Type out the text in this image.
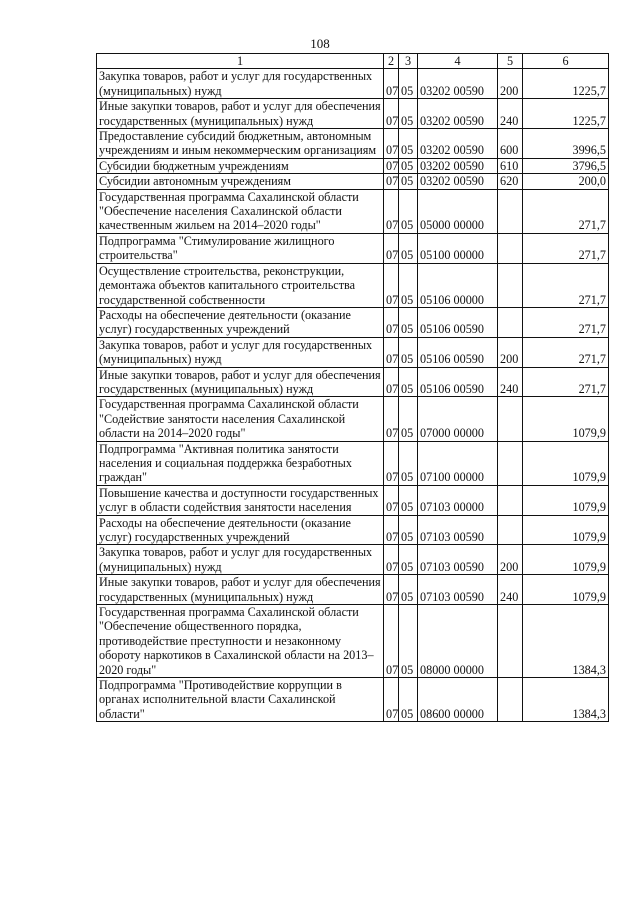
108
1	2	3	4	5	6
Закупка товаров, работ и услуг для государственных (муниципальных) нужд	07	05	03202 00590	200	1225,7
Иные закупки товаров, работ и услуг для обеспечения государственных (муниципальных) нужд	07	05	03202 00590	240	1225,7
Предоставление субсидий бюджетным, автономным учреждениям и иным некоммерческим организациям	07	05	03202 00590	600	3996,5
Субсидии бюджетным учреждениям	07	05	03202 00590	610	3796,5
Субсидии автономным учреждениям	07	05	03202 00590	620	200,0
Государственная программа Сахалинской области "Обеспечение населения Сахалинской области качественным жильем на 2014–2020 годы"	07	05	05000 00000		271,7
Подпрограмма "Стимулирование жилищного строительства"	07	05	05100 00000		271,7
Осуществление строительства, реконструкции, демонтажа объектов капитального строительства государственной собственности	07	05	05106 00000		271,7
Расходы на обеспечение деятельности (оказание услуг) государственных учреждений	07	05	05106 00590		271,7
Закупка товаров, работ и услуг для государственных (муниципальных) нужд	07	05	05106 00590	200	271,7
Иные закупки товаров, работ и услуг для обеспечения государственных (муниципальных) нужд	07	05	05106 00590	240	271,7
Государственная программа Сахалинской области "Содействие занятости населения Сахалинской области на 2014–2020 годы"	07	05	07000 00000		1079,9
Подпрограмма "Активная политика занятости населения и социальная поддержка безработных граждан"	07	05	07100 00000		1079,9
Повышение качества и доступности государственных услуг в области содействия занятости населения	07	05	07103 00000		1079,9
Расходы на обеспечение деятельности (оказание услуг) государственных учреждений	07	05	07103 00590		1079,9
Закупка товаров, работ и услуг для государственных (муниципальных) нужд	07	05	07103 00590	200	1079,9
Иные закупки товаров, работ и услуг для обеспечения государственных (муниципальных) нужд	07	05	07103 00590	240	1079,9
Государственная программа Сахалинской области "Обеспечение общественного порядка, противодействие преступности и незаконному обороту наркотиков в Сахалинской области на 2013–2020 годы"	07	05	08000 00000		1384,3
Подпрограмма "Противодействие коррупции в органах исполнительной власти Сахалинской области"	07	05	08600 00000		1384,3
